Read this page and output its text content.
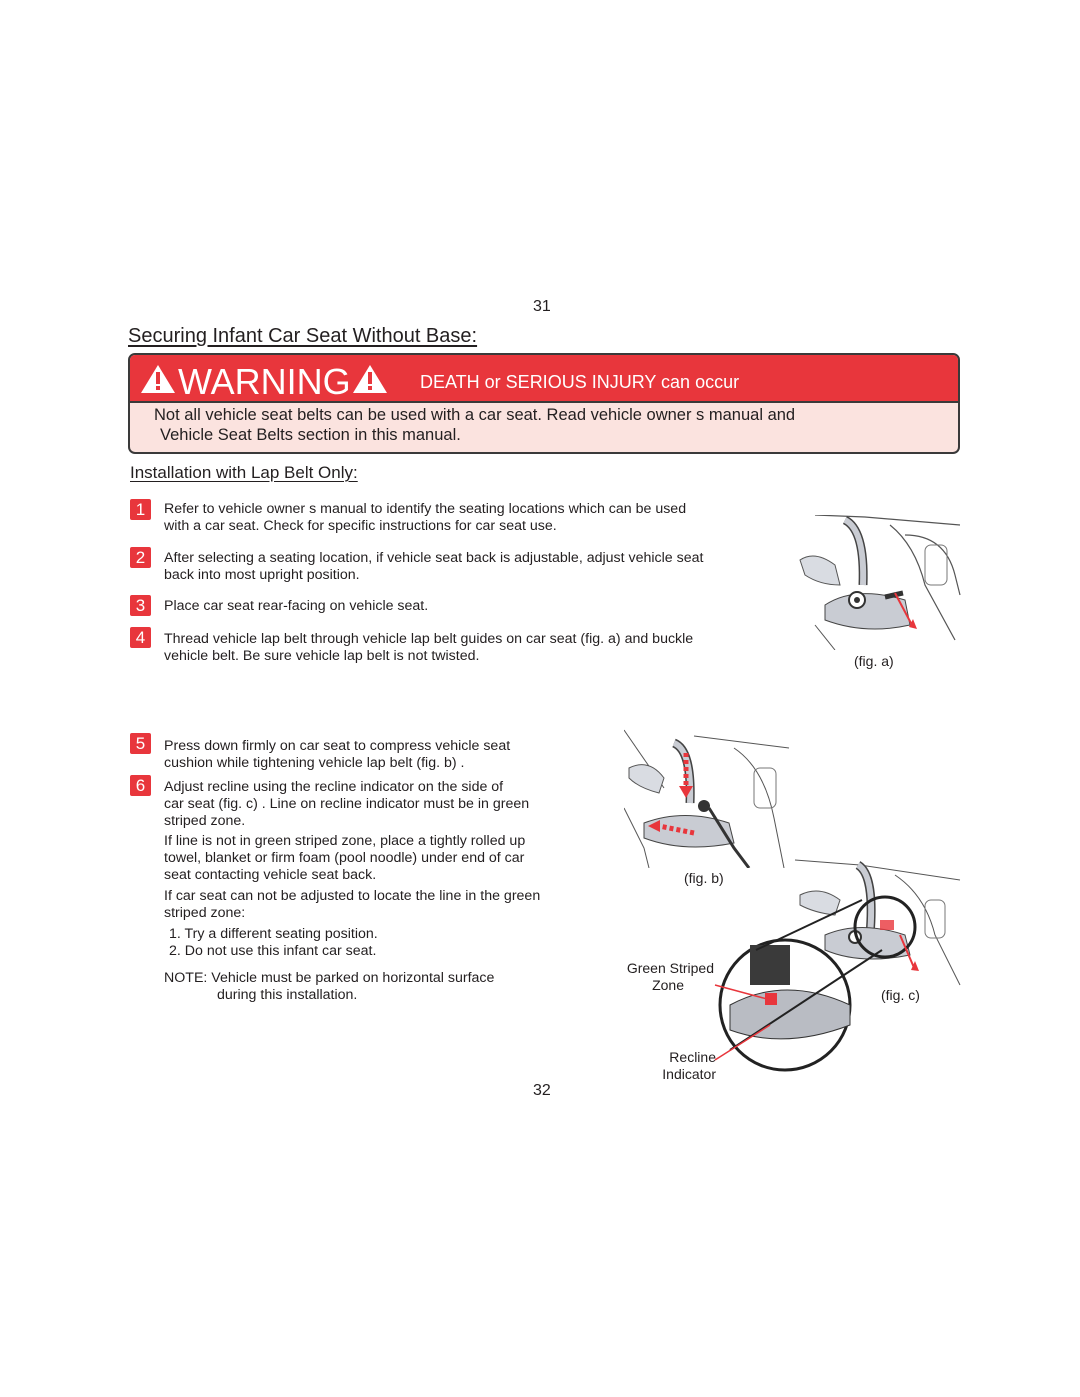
31
Securing Infant Car Seat Without Base:
WARNING	DEATH or SERIOUS INJURY can occur
Not all vehicle seat belts can be used with a car seat. Read vehicle owner s manual and
Vehicle Seat Belts section in this manual.
Installation with Lap Belt Only:
1	Refer to vehicle owner s manual to identify the seating locations which can be used
with a car seat. Check for specific instructions for car seat use.
2	After selecting a seating location, if vehicle seat back is adjustable, adjust vehicle seat
back into most upright position.
3	Place car seat rear-facing on vehicle seat.
4	Thread vehicle lap belt through vehicle lap belt guides on car seat (fig. a) and buckle
vehicle belt. Be sure vehicle lap belt is not twisted.	(fig. a)
5	Press down firmly on car seat to compress vehicle seat
cushion while tightening vehicle lap belt (fig. b) .
6	Adjust recline using the recline indicator on the side of
car seat (fig. c) . Line on recline indicator must be in green
striped zone.
If line is not in green striped zone, place a tightly rolled up
towel, blanket or firm foam (pool noodle) under end of car
seat contacting vehicle seat back.
If car seat can not be adjusted to locate the line in the green
striped zone:
1. Try a different seating position.
2. Do not use this infant car seat.
NOTE: Vehicle must be parked on horizontal surface
during this installation.
(fig. b)
(fig. c)
Green Striped
Zone
Recline
Indicator
32
